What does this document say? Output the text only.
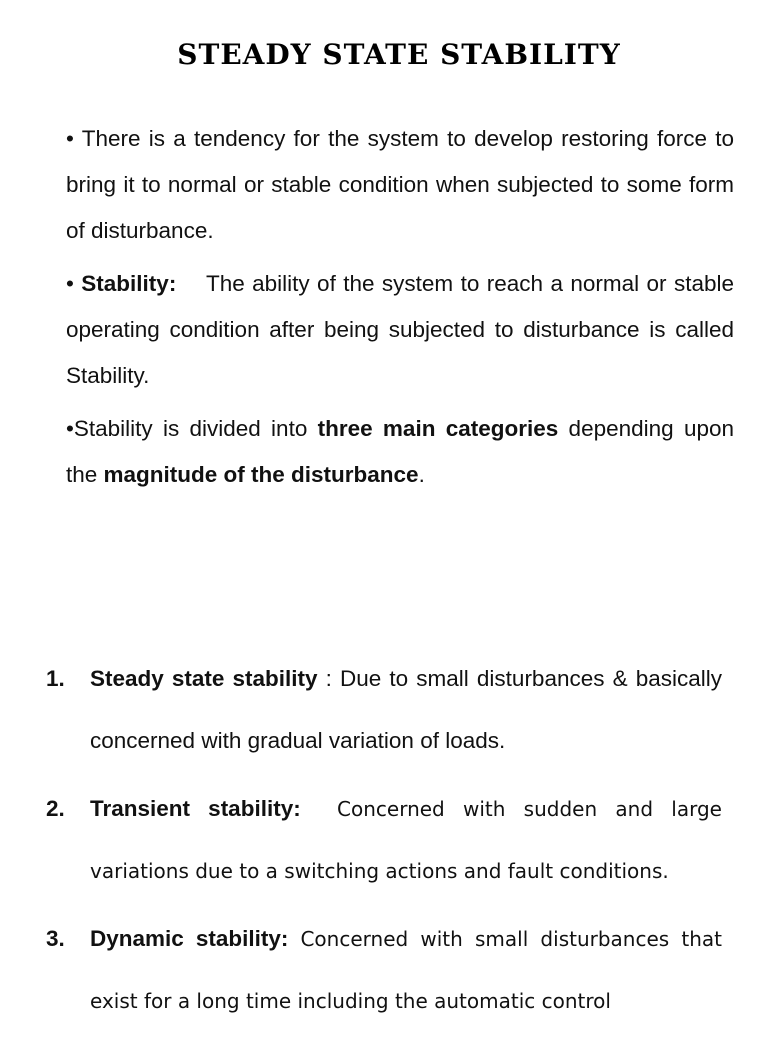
STEADY STATE STABILITY

• There is a tendency for the system to develop restoring force to bring it to normal or stable condition when subjected to some form of disturbance.

• Stability: The ability of the system to reach a normal or stable operating condition after being subjected to disturbance is called Stability.

•Stability is divided into three main categories depending upon the magnitude of the disturbance.

1.	Steady state stability : Due to small disturbances & basically concerned with gradual variation of loads.
2.	Transient stability: Concerned with sudden and large variations due to a switching actions and fault conditions.
3.	Dynamic stability: Concerned with small disturbances that exist for a long time including the automatic control
